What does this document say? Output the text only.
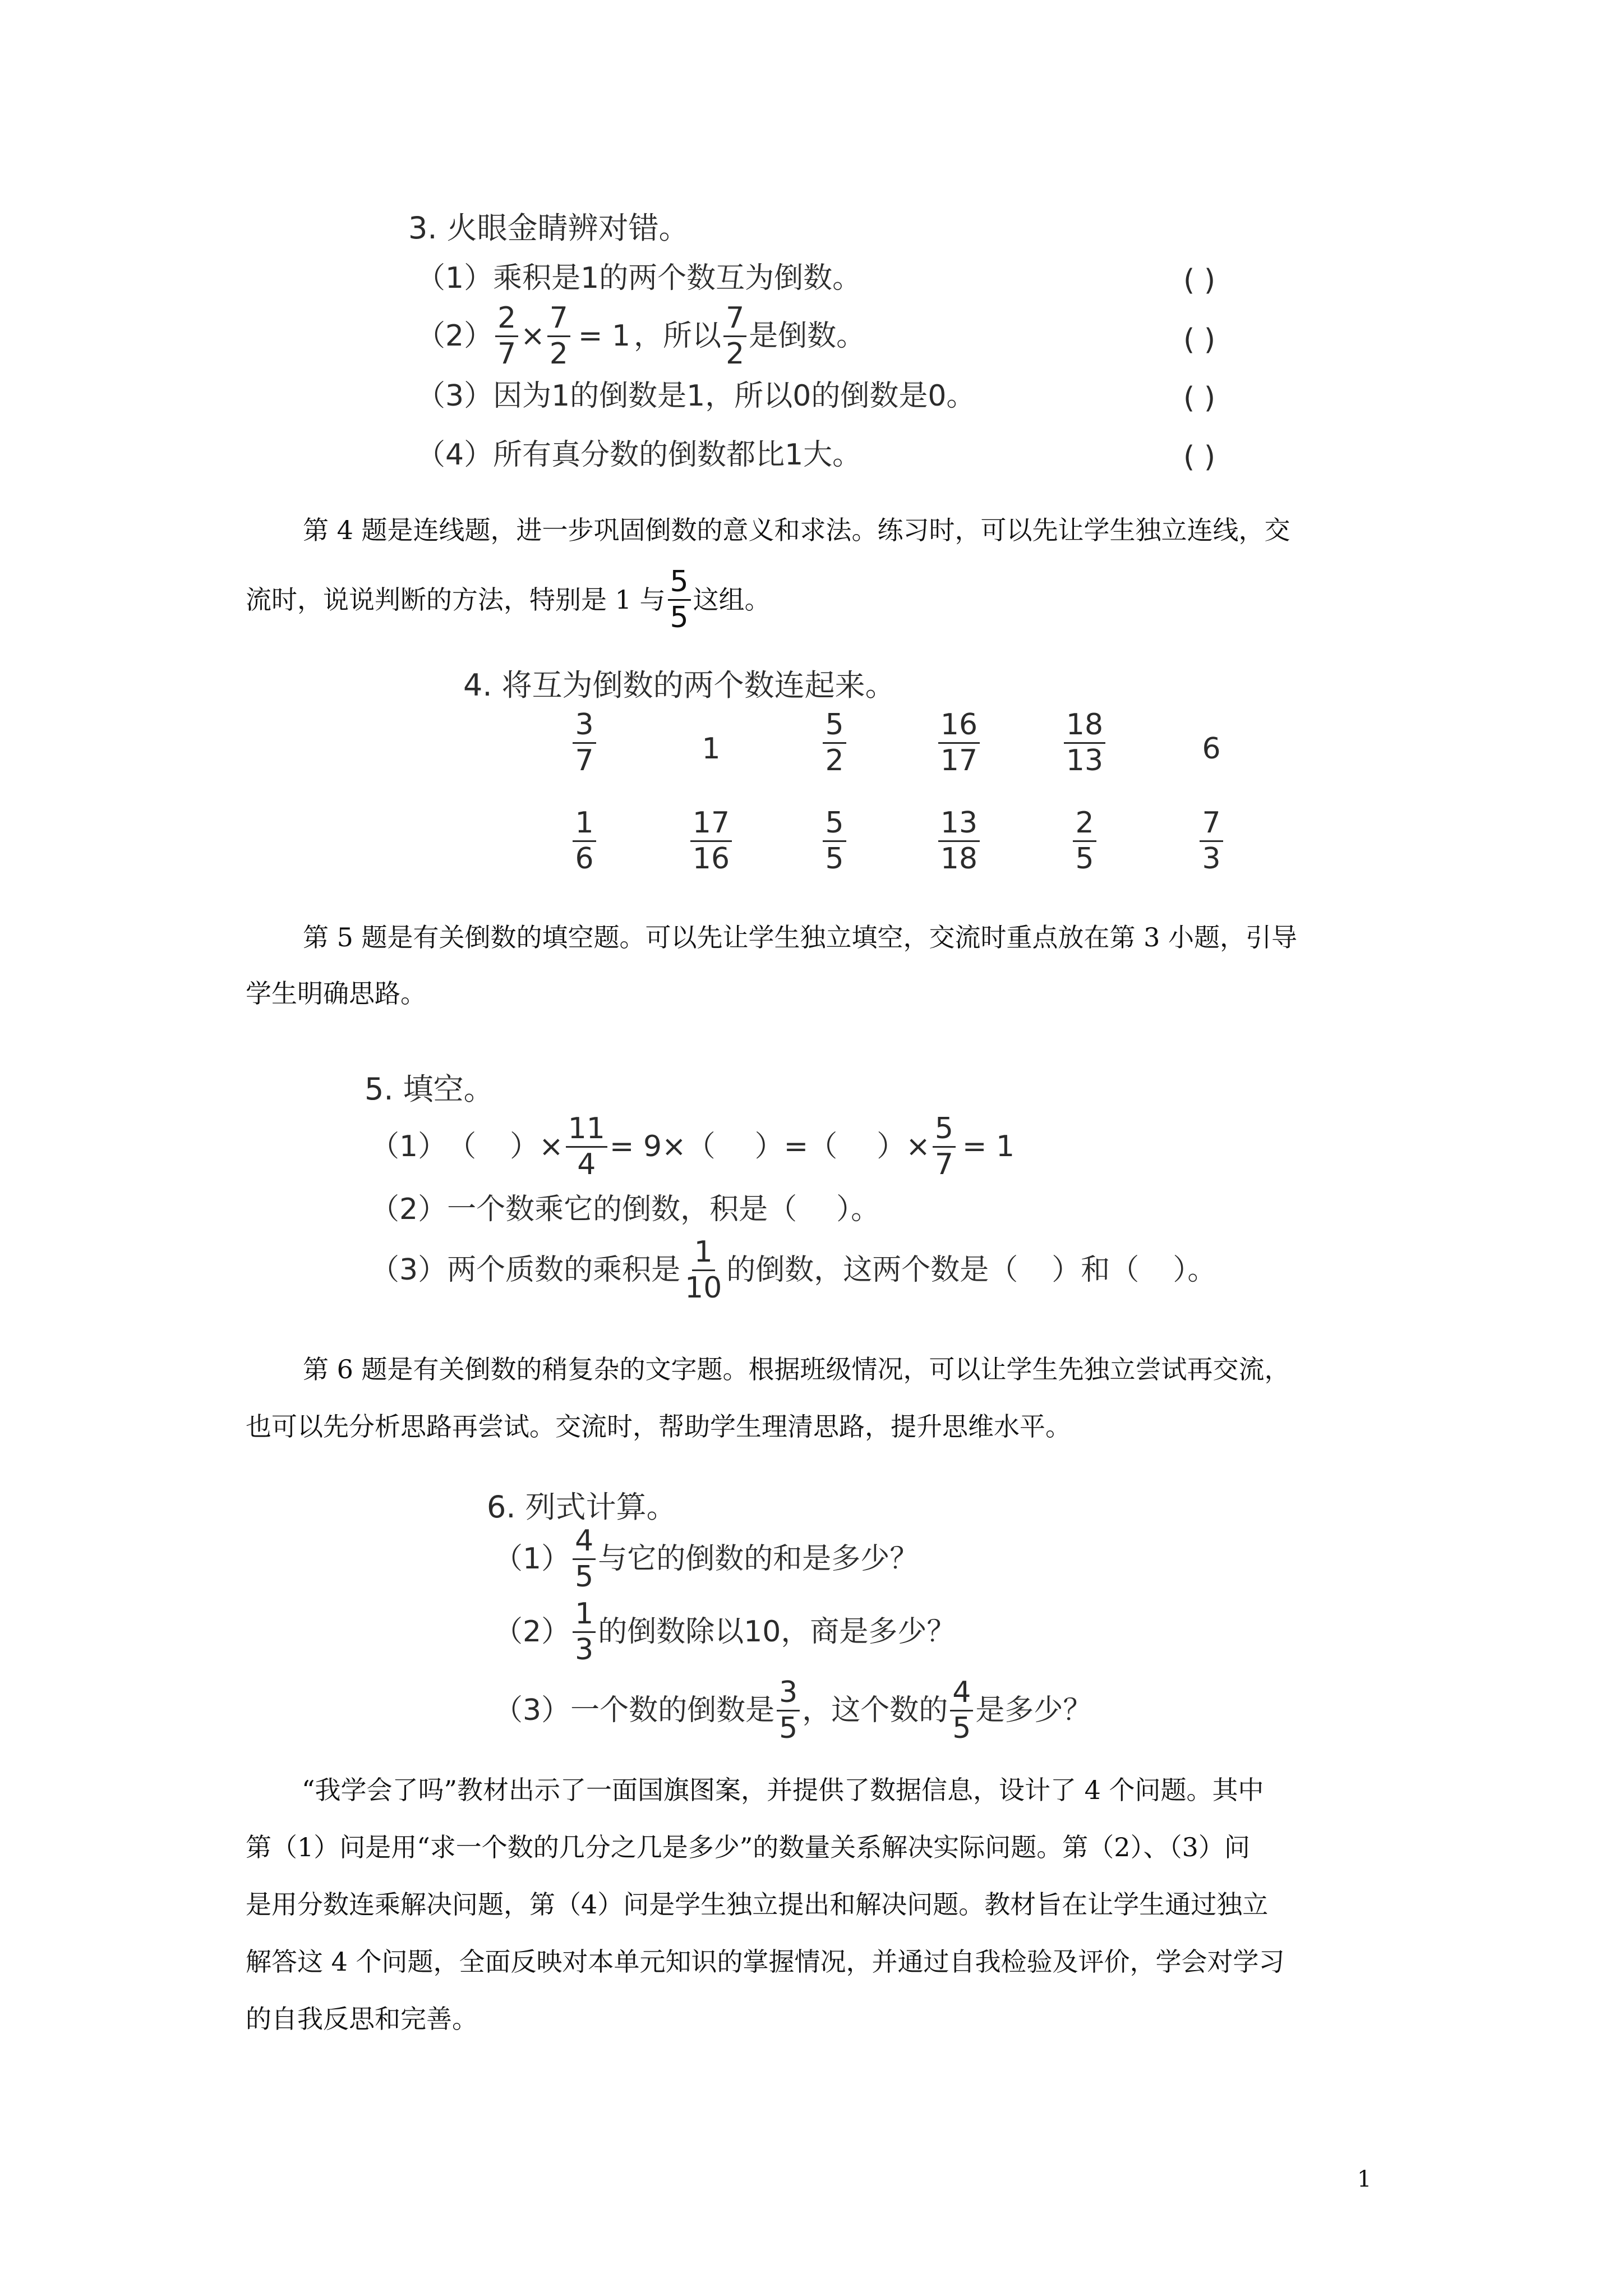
3. 火眼金睛辨对错。
（1） 乘积是1的两个数互为倒数。	( )
$(2) \frac{2}{7} \times \frac{7}{2} = 1$ ，所以 $\frac{7}{2}$ 是倒数。	( )
（3） 因为1的倒数是1，所以0的倒数是0。	( )
（4） 所有真分数的倒数都比1大。	( )
第 4 题是连线题，进一步巩固倒数的意义和求法。练习时，可以先让学生独立连线，交
流时，说说判断的方法，特别是 1 与 $\frac{5}{5}$ 这组。
4. 将互为倒数的两个数连起来。
$\frac{3}{7}$	1	$\frac{5}{2}$	$\frac{16}{17}$	$\frac{18}{13}$	6
$\frac{1}{6}$	$\frac{17}{16}$	$\frac{5}{5}$	$\frac{13}{18}$	$\frac{2}{5}$	$\frac{7}{3}$
第 5 题是有关倒数的填空题。可以先让学生独立填空，交流时重点放在第 3 小题，引导
学生明确思路。
5. 填空。
（1） （ ） × $\frac{11}{4} = 9\times$（ ）=（ ） × $\frac{5}{7} = 1$
（2） 一个数乘它的倒数，积是（ ）。
（3） 两个质数的乘积是 $\frac{1}{10}$ 的倒数，这两个数是（ ）和（ ）。
第 6 题是有关倒数的稍复杂的文字题。根据班级情况，可以让学生先独立尝试再交流，
也可以先分析思路再尝试。交流时，帮助学生理清思路，提升思维水平。
6. 列式计算。
$(1) \frac{4}{5}$ 与它的倒数的和是多少？
$(2) \frac{1}{3}$ 的倒数除以10，商是多少？
（3） 一个数的倒数是 $\frac{3}{5}$ ，这个数的 $\frac{4}{5}$ 是多少？
“我学会了吗”教材出示了一面国旗图案，并提供了数据信息，设计了 4 个问题。其中
第（1）问是用“求一个数的几分之几是多少”的数量关系解决实际问题。第（2）、（3）问
是用分数连乘解决问题，第（4）问是学生独立提出和解决问题。教材旨在让学生通过独立
解答这 4 个问题，全面反映对本单元知识的掌握情况，并通过自我检验及评价，学会对学习
的自我反思和完善。
1
